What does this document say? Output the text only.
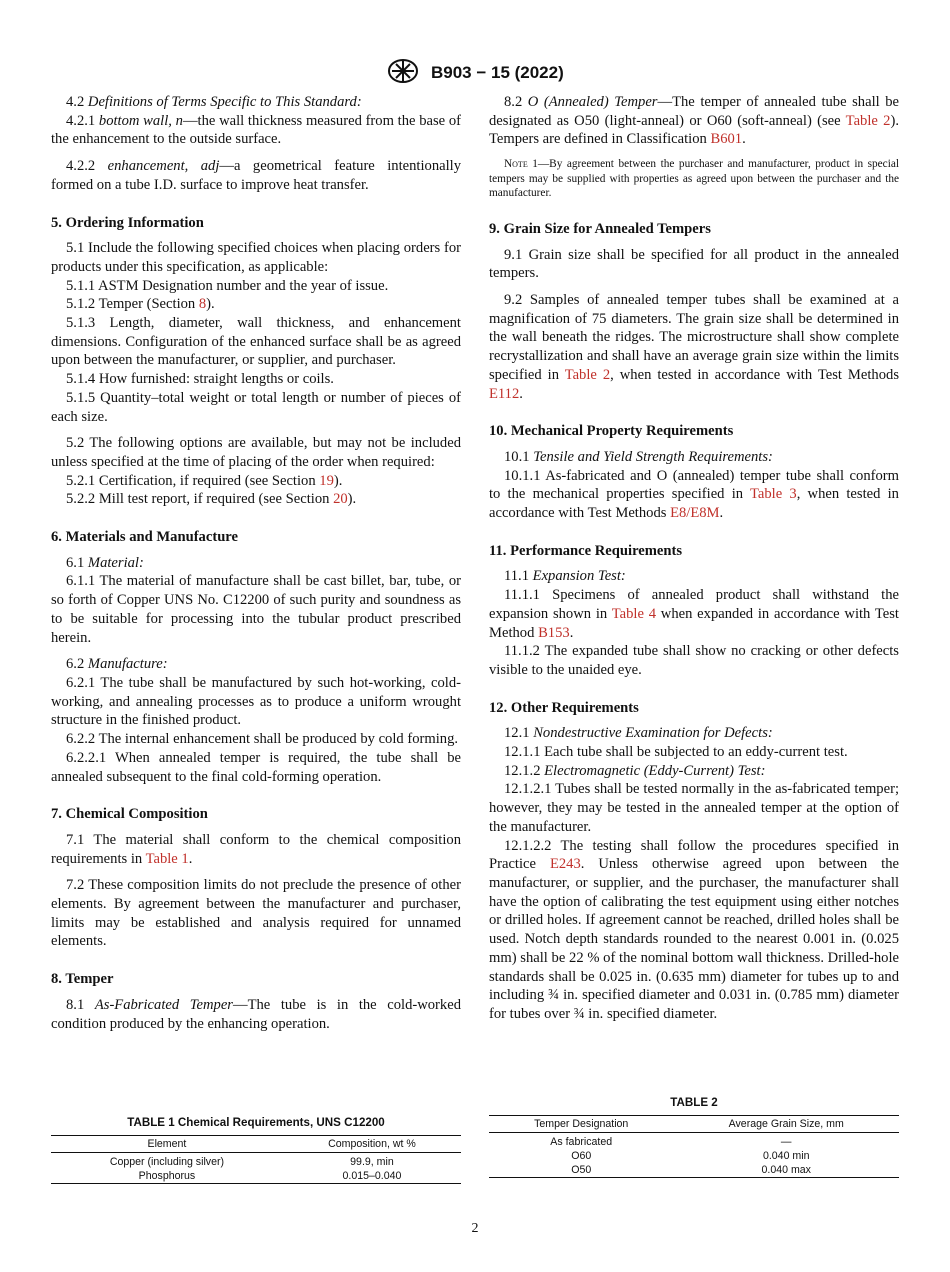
B903 − 15 (2022)

4.2 Definitions of Terms Specific to This Standard:

4.2.1 bottom wall, n—the wall thickness measured from the base of the enhancement to the outside surface.

4.2.2 enhancement, adj—a geometrical feature intentionally formed on a tube I.D. surface to improve heat transfer.

5. Ordering Information

5.1 Include the following specified choices when placing orders for products under this specification, as applicable:

5.1.1 ASTM Designation number and the year of issue.

5.1.2 Temper (Section 8).

5.1.3 Length, diameter, wall thickness, and enhancement dimensions. Configuration of the enhanced surface shall be as agreed upon between the manufacturer, or supplier, and purchaser.

5.1.4 How furnished: straight lengths or coils.

5.1.5 Quantity–total weight or total length or number of pieces of each size.

5.2 The following options are available, but may not be included unless specified at the time of placing of the order when required:

5.2.1 Certification, if required (see Section 19).

5.2.2 Mill test report, if required (see Section 20).

6. Materials and Manufacture

6.1 Material:

6.1.1 The material of manufacture shall be cast billet, bar, tube, or so forth of Copper UNS No. C12200 of such purity and soundness as to be suitable for processing into the tubular product prescribed herein.

6.2 Manufacture:

6.2.1 The tube shall be manufactured by such hot-working, cold-working, and annealing processes as to produce a uniform wrought structure in the finished product.

6.2.2 The internal enhancement shall be produced by cold forming.

6.2.2.1 When annealed temper is required, the tube shall be annealed subsequent to the final cold-forming operation.

7. Chemical Composition

7.1 The material shall conform to the chemical composition requirements in Table 1.

7.2 These composition limits do not preclude the presence of other elements. By agreement between the manufacturer and purchaser, limits may be established and analysis required for unnamed elements.

8. Temper

8.1 As-Fabricated Temper—The tube is in the cold-worked condition produced by the enhancing operation.

8.2 O (Annealed) Temper—The temper of annealed tube shall be designated as O50 (light-anneal) or O60 (soft-anneal) (see Table 2). Tempers are defined in Classification B601.

Note 1—By agreement between the purchaser and manufacturer, product in special tempers may be supplied with properties as agreed upon between the purchaser and the manufacturer.

9. Grain Size for Annealed Tempers

9.1 Grain size shall be specified for all product in the annealed tempers.

9.2 Samples of annealed temper tubes shall be examined at a magnification of 75 diameters. The grain size shall be determined in the wall beneath the ridges. The microstructure shall show complete recrystallization and shall have an average grain size within the limits specified in Table 2, when tested in accordance with Test Methods E112.

10. Mechanical Property Requirements

10.1 Tensile and Yield Strength Requirements:

10.1.1 As-fabricated and O (annealed) temper tube shall conform to the mechanical properties specified in Table 3, when tested in accordance with Test Methods E8/E8M.

11. Performance Requirements

11.1 Expansion Test:

11.1.1 Specimens of annealed product shall withstand the expansion shown in Table 4 when expanded in accordance with Test Method B153.

11.1.2 The expanded tube shall show no cracking or other defects visible to the unaided eye.

12. Other Requirements

12.1 Nondestructive Examination for Defects:

12.1.1 Each tube shall be subjected to an eddy-current test.

12.1.2 Electromagnetic (Eddy-Current) Test:

12.1.2.1 Tubes shall be tested normally in the as-fabricated temper; however, they may be tested in the annealed temper at the option of the manufacturer.

12.1.2.2 The testing shall follow the procedures specified in Practice E243. Unless otherwise agreed upon between the manufacturer, or supplier, and the purchaser, the manufacturer shall have the option of calibrating the test equipment using either notches or drilled holes. If agreement cannot be reached, drilled holes shall be used. Notch depth standards rounded to the nearest 0.001 in. (0.025 mm) shall be 22 % of the nominal bottom wall thickness. Drilled-hole standards shall be 0.025 in. (0.635 mm) diameter for tubes up to and including ¾ in. specified diameter and 0.031 in. (0.785 mm) diameter for tubes over ¾ in. specified diameter.

TABLE 1 Chemical Requirements, UNS C12200
Element	Composition, wt %
Copper (including silver)	99.9, min
Phosphorus	0.015–0.040
TABLE 2
Temper Designation	Average Grain Size, mm
As fabricated	—
O60	0.040 min
O50	0.040 max
2
